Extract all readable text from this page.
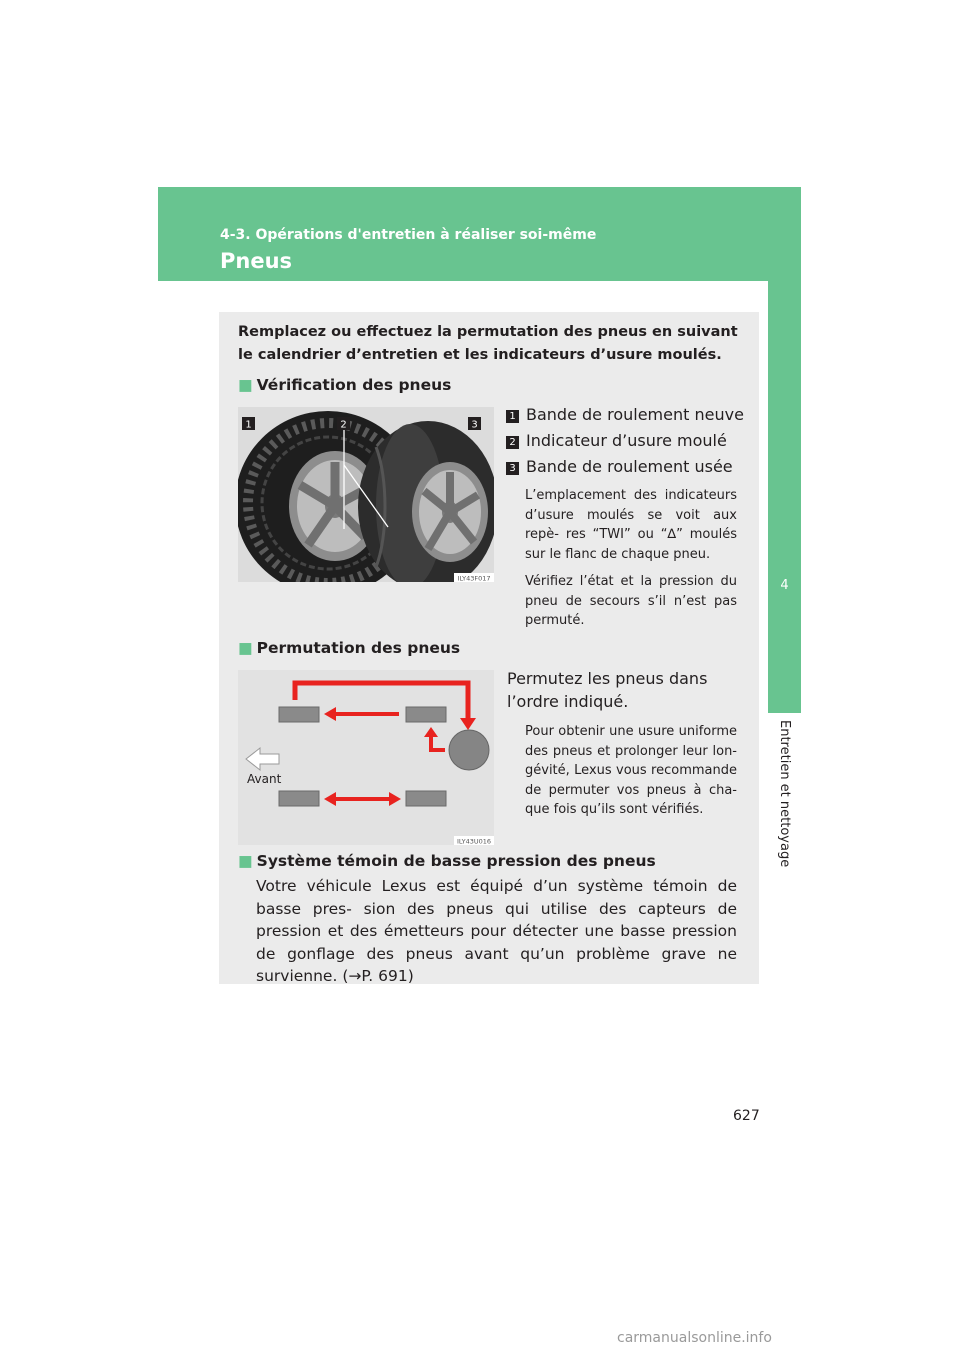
4-3. Opérations d'entretien à réaliser soi-même
Pneus
4
Entretien et nettoyage
Remplacez ou effectuez la permutation des pneus en suivant le calendrier d’entretien et les indicateurs d’usure moulés.
■ Vérification des pneus
1	2	3
ILY43F017
1 Bande de roulement neuve
2 Indicateur d’usure moulé
3 Bande de roulement usée
L’emplacement des indicateurs d’usure moulés se voit aux repè- res “TWI” ou “∆” moulés sur le flanc de chaque pneu.
Vérifiez l’état et la pression du pneu de secours s’il n’est pas permuté.
■ Permutation des pneus
Avant
ILY43U016
Permutez les pneus dans l’ordre indiqué.
Pour obtenir une usure uniforme des pneus et prolonger leur lon- gévité, Lexus vous recommande de permuter vos pneus à cha- que fois qu’ils sont vérifiés.
■ Système témoin de basse pression des pneus
Votre véhicule Lexus est équipé d’un système témoin de basse pres- sion des pneus qui utilise des capteurs de pression et des émetteurs pour détecter une basse pression de gonflage des pneus avant qu’un problème grave ne survienne. (→P. 691)
627
carmanualsonline.info
